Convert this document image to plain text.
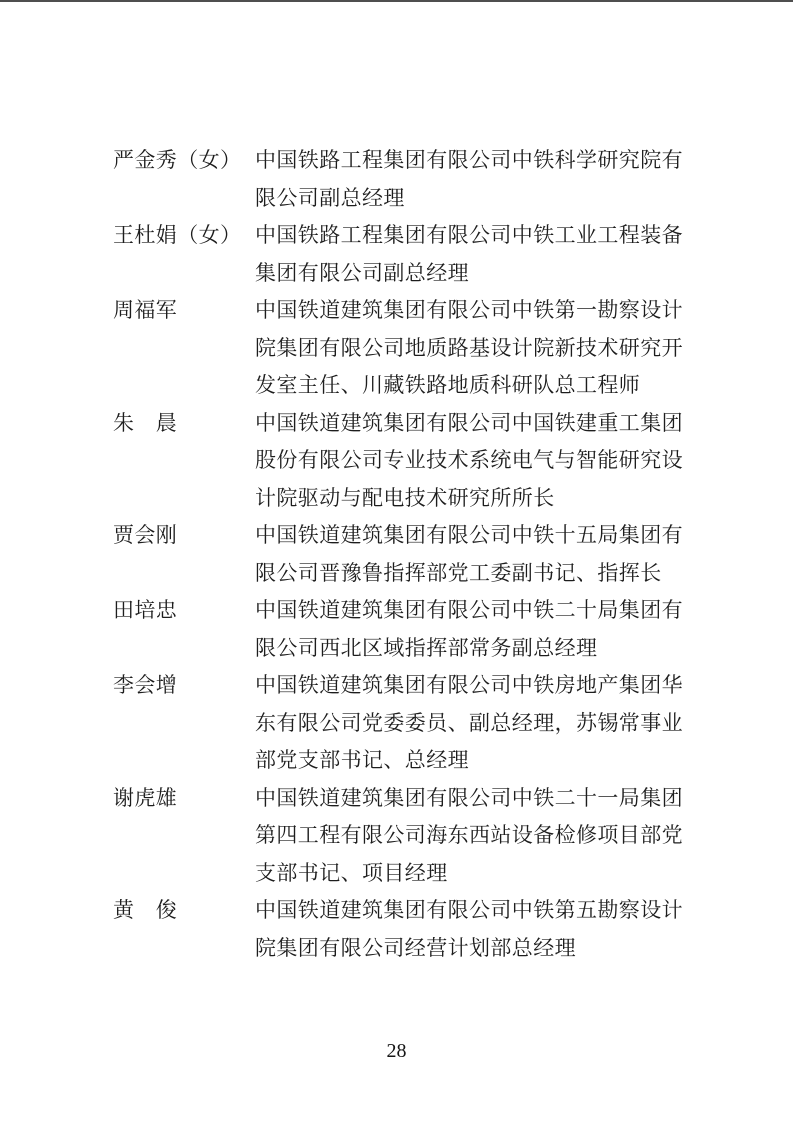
严金秀（女） 中国铁路工程集团有限公司中铁科学研究院有限公司副总经理
王杜娟（女） 中国铁路工程集团有限公司中铁工业工程装备集团有限公司副总经理
周福军	中国铁道建筑集团有限公司中铁第一勘察设计院集团有限公司地质路基设计院新技术研究开发室主任、川藏铁路地质科研队总工程师
朱　晨	中国铁道建筑集团有限公司中国铁建重工集团股份有限公司专业技术系统电气与智能研究设计院驱动与配电技术研究所所长
贾会刚	中国铁道建筑集团有限公司中铁十五局集团有限公司晋豫鲁指挥部党工委副书记、指挥长
田培忠	中国铁道建筑集团有限公司中铁二十局集团有限公司西北区域指挥部常务副总经理
李会增	中国铁道建筑集团有限公司中铁房地产集团华东有限公司党委委员、副总经理，苏锡常事业部党支部书记、总经理
谢虎雄	中国铁道建筑集团有限公司中铁二十一局集团第四工程有限公司海东西站设备检修项目部党支部书记、项目经理
黄　俊	中国铁道建筑集团有限公司中铁第五勘察设计院集团有限公司经营计划部总经理
28
